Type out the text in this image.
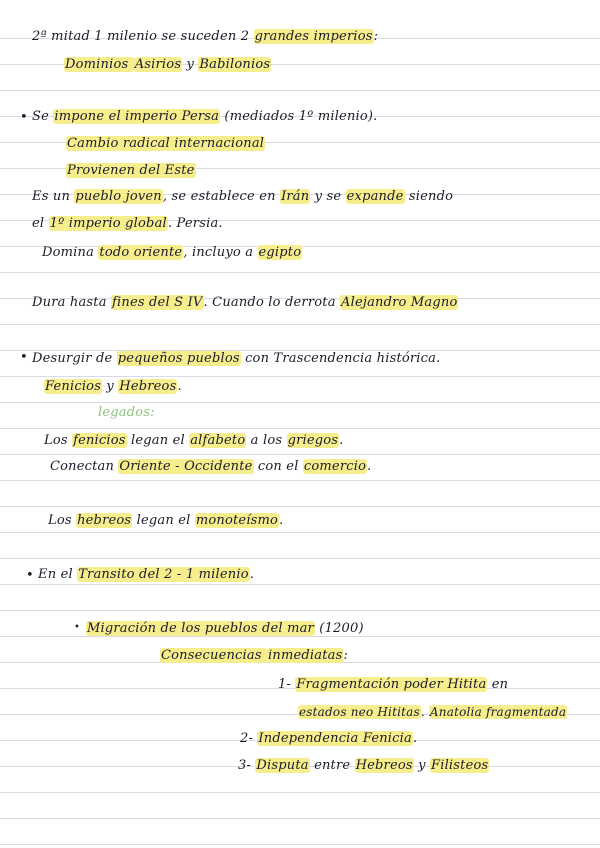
2ª mitad 1 milenio se suceden 2 grandes imperios:
Dominios Asirios y Babilonios
• Se impone el imperio Persa (mediados 1º milenio).
Cambio radical internacional
Provienen del Este
Es un pueblo joven, se establece en Irán y se expande siendo
el 1º imperio global. Persia.
Domina todo oriente, incluyo a egipto
Dura hasta fines del S IV. Cuando lo derrota Alejandro Magno
• Desurgir de pequeños pueblos con Trascendencia histórica.
Fenicios y Hebreos.
legados:
Los fenicios legan el alfabeto a los griegos.
Conectan Oriente - Occidente con el comercio.
Los hebreos legan el monoteísmo.
• En el Transito del 2 - 1 milenio.
• Migración de los pueblos del mar (1200)
Consecuencias inmediatas:
1- Fragmentación poder Hitita en
estados neo Hititas. Anatolia fragmentada
2- Independencia Fenicia.
3- Disputa entre Hebreos y Filisteos
